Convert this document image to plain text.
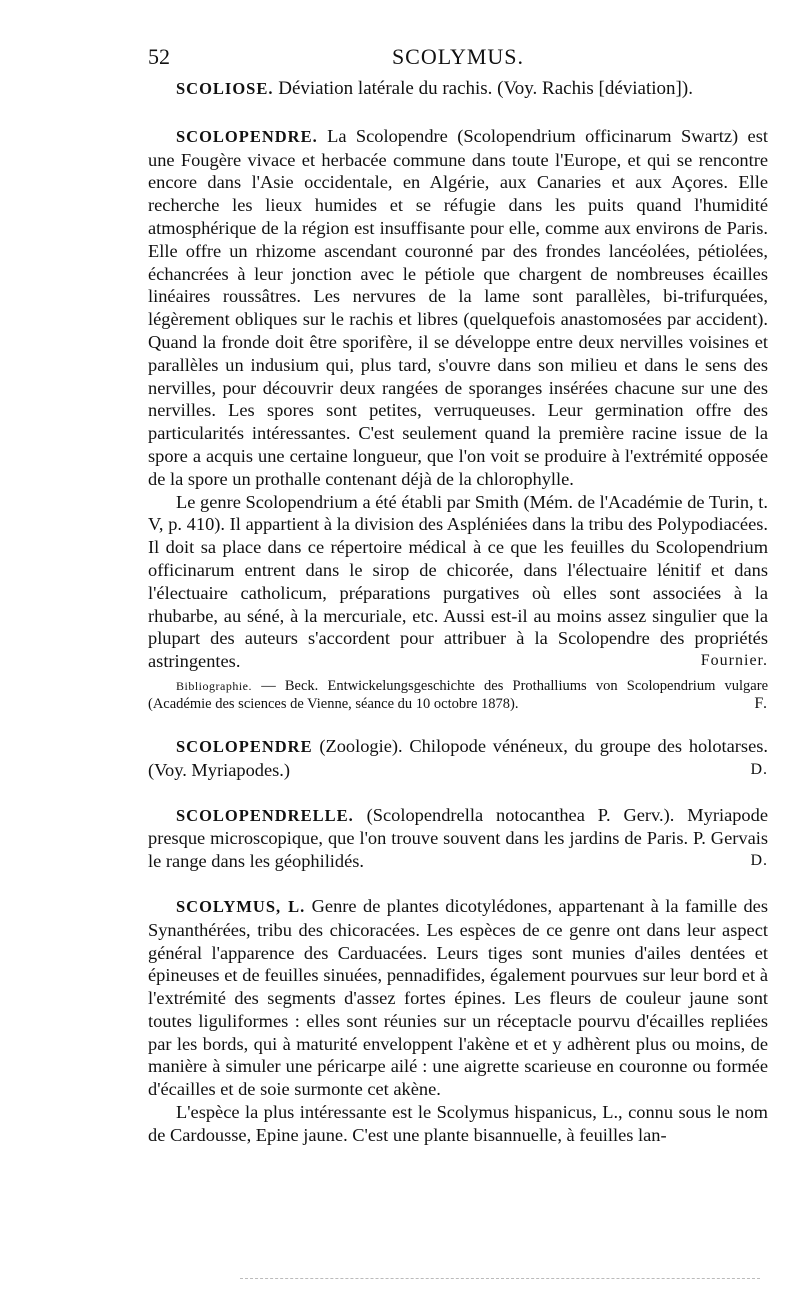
52	SCOLYMUS.

SCOLIOSE. Déviation latérale du rachis. (Voy. Rachis [déviation]).

SCOLOPENDRE. La Scolopendre (Scolopendrium officinarum Swartz) est une Fougère vivace et herbacée commune dans toute l'Europe, et qui se rencontre encore dans l'Asie occidentale, en Algérie, aux Canaries et aux Açores. Elle recherche les lieux humides et se réfugie dans les puits quand l'humidité atmosphérique de la région est insuffisante pour elle, comme aux environs de Paris. Elle offre un rhizome ascendant couronné par des frondes lancéolées, pétiolées, échancrées à leur jonction avec le pétiole que chargent de nombreuses écailles linéaires roussâtres. Les nervures de la lame sont parallèles, bi-trifurquées, légèrement obliques sur le rachis et libres (quelquefois anastomosées par accident). Quand la fronde doit être sporifère, il se développe entre deux nervilles voisines et parallèles un indusium qui, plus tard, s'ouvre dans son milieu et dans le sens des nervilles, pour découvrir deux rangées de sporanges insérées chacune sur une des nervilles. Les spores sont petites, verruqueuses. Leur germination offre des particularités intéressantes. C'est seulement quand la première racine issue de la spore a acquis une certaine longueur, que l'on voit se produire à l'extrémité opposée de la spore un prothalle contenant déjà de la chlorophylle.

Le genre Scolopendrium a été établi par Smith (Mém. de l'Académie de Turin, t. V, p. 410). Il appartient à la division des Aspléniées dans la tribu des Polypodiacées. Il doit sa place dans ce répertoire médical à ce que les feuilles du Scolopendrium officinarum entrent dans le sirop de chicorée, dans l'électuaire lénitif et dans l'électuaire catholicum, préparations purgatives où elles sont associées à la rhubarbe, au séné, à la mercuriale, etc. Aussi est-il au moins assez singulier que la plupart des auteurs s'accordent pour attribuer à la Scolopendre des propriétés astringentes.	Fournier.

Bibliographie. — Beck. Entwickelungsgeschichte des Prothalliums von Scolopendrium vulgare (Académie des sciences de Vienne, séance du 10 octobre 1878).	F.

SCOLOPENDRE (Zoologie). Chilopode vénéneux, du groupe des holotarses. (Voy. Myriapodes.)	D.

SCOLOPENDRELLE. (Scolopendrella notocanthea P. Gerv.). Myriapode presque microscopique, que l'on trouve souvent dans les jardins de Paris. P. Gervais le range dans les géophilidés.	D.

SCOLYMUS, L. Genre de plantes dicotylédones, appartenant à la famille des Synanthérées, tribu des chicoracées. Les espèces de ce genre ont dans leur aspect général l'apparence des Carduacées. Leurs tiges sont munies d'ailes dentées et épineuses et de feuilles sinuées, pennadifides, également pourvues sur leur bord et à l'extrémité des segments d'assez fortes épines. Les fleurs de couleur jaune sont toutes liguliformes : elles sont réunies sur un réceptacle pourvu d'écailles repliées par les bords, qui à maturité enveloppent l'akène et et y adhèrent plus ou moins, de manière à simuler une péricarpe ailé : une aigrette scarieuse en couronne ou formée d'écailles et de soie surmonte cet akène.

L'espèce la plus intéressante est le Scolymus hispanicus, L., connu sous le nom de Cardousse, Epine jaune. C'est une plante bisannuelle, à feuilles lan-
